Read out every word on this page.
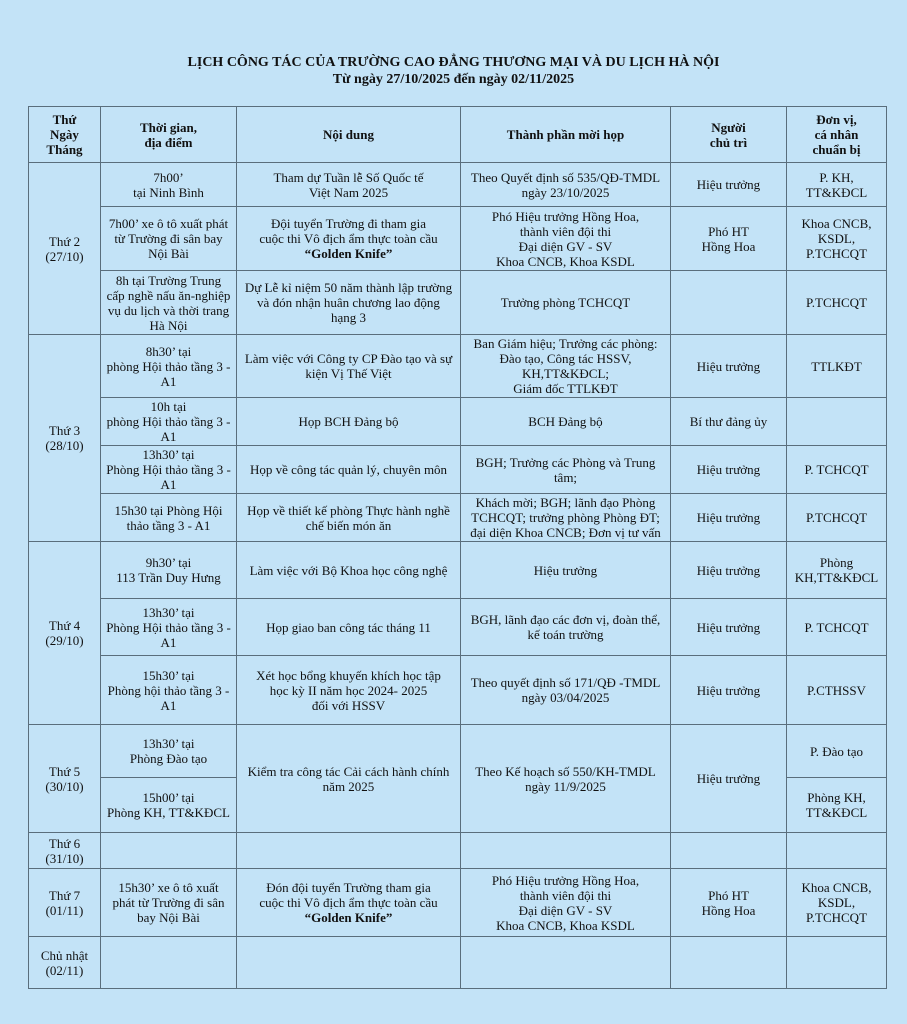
LỊCH CÔNG TÁC CỦA TRƯỜNG CAO ĐẲNG THƯƠNG MẠI VÀ DU LỊCH HÀ NỘI
Từ ngày 27/10/2025 đến ngày 02/11/2025
Thứ
Ngày
Tháng	Thời gian,
địa điểm	Nội dung	Thành phần mời họp	Người
chủ trì	Đơn vị,
cá nhân
chuẩn bị

Thứ 2
(27/10)	7h00’
tại Ninh Bình	Tham dự Tuần lễ Số Quốc tế
Việt Nam 2025	Theo Quyết định số 535/QĐ-TMDL
ngày 23/10/2025	Hiệu trưởng	P. KH,
TT&KĐCL

	7h00’ xe ô tô xuất phát
từ Trường đi sân bay
Nội Bài	Đội tuyển Trường đi tham gia
cuộc thi Vô địch ẩm thực toàn cầu
“Golden Knife”	Phó Hiệu trưởng Hồng Hoa,
thành viên đội thi
Đại diện GV - SV
Khoa CNCB, Khoa KSDL	Phó HT
Hồng Hoa	Khoa CNCB,
KSDL,
P.TCHCQT

	8h tại Trường Trung
cấp nghề nấu ăn-nghiệp
vụ du lịch và thời trang
Hà Nội	Dự Lễ kỉ niệm 50 năm thành lập trường
và đón nhận huân chương lao động
hạng 3	Trưởng phòng TCHCQT		P.TCHCQT

Thứ 3
(28/10)	8h30’ tại
phòng Hội thảo tầng 3 -
A1	Làm việc với Công ty CP Đào tạo và sự
kiện Vị Thế Việt	Ban Giám hiệu; Trưởng các phòng:
Đào tạo, Công tác HSSV,
KH,TT&KĐCL;
Giám đốc TTLKĐT	Hiệu trưởng	TTLKĐT

	10h tại
phòng Hội thảo tầng 3 -
A1	Họp BCH Đảng bộ	BCH Đảng bộ	Bí thư đảng ủy	

	13h30’ tại
Phòng Hội thảo tầng 3 -
A1	Họp về công tác quản lý, chuyên môn	BGH; Trưởng các Phòng và Trung
tâm;	Hiệu trưởng	P. TCHCQT

	15h30 tại Phòng Hội
thảo tầng 3 - A1	Họp về thiết kế phòng Thực hành nghề
chế biến món ăn	Khách mời; BGH; lãnh đạo Phòng
TCHCQT; trưởng phòng Phòng ĐT;
đại diện Khoa CNCB; Đơn vị tư vấn	Hiệu trưởng	P.TCHCQT

Thứ 4
(29/10)	9h30’ tại
113 Trần Duy Hưng	Làm việc với Bộ Khoa học công nghệ	Hiệu trưởng	Hiệu trưởng	Phòng
KH,TT&KĐCL

	13h30’ tại
Phòng Hội thảo tầng 3 -
A1	Họp giao ban công tác tháng 11	BGH, lãnh đạo các đơn vị, đoàn thể,
kế toán trường	Hiệu trưởng	P. TCHCQT

	15h30’ tại
Phòng hội thảo tầng 3 -
A1	Xét học bổng khuyến khích học tập
học kỳ II năm học 2024- 2025
đối với HSSV	Theo quyết định số 171/QĐ -TMDL
ngày 03/04/2025	Hiệu trưởng	P.CTHSSV

Thứ 5
(30/10)	13h30’ tại
Phòng Đào tạo	Kiểm tra công tác Cải cách hành chính
năm 2025	Theo Kế hoạch số 550/KH-TMDL
ngày 11/9/2025	Hiệu trưởng	P. Đào tạo

	15h00’ tại
Phòng KH, TT&KĐCL				Phòng KH,
TT&KĐCL

Thứ 6
(31/10)					

Thứ 7
(01/11)	15h30’ xe ô tô xuất
phát từ Trường đi sân
bay Nội Bài	Đón đội tuyển Trường tham gia
cuộc thi Vô địch ẩm thực toàn cầu
“Golden Knife”	Phó Hiệu trưởng Hồng Hoa,
thành viên đội thi
Đại diện GV - SV
Khoa CNCB, Khoa KSDL	Phó HT
Hồng Hoa	Khoa CNCB,
KSDL,
P.TCHCQT

Chủ nhật
(02/11)					
